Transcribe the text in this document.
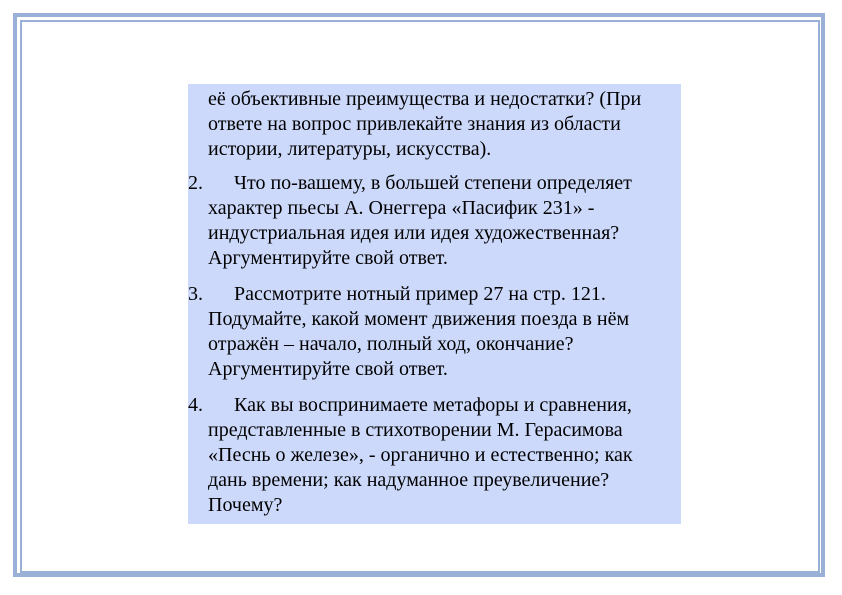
её объективные преимущества и недостатки? (При ответе на вопрос привлекайте знания из области истории, литературы, искусства).

2.	Что по-вашему, в большей степени определяет характер пьесы А. Онеггера «Пасифик 231» - индустриальная идея или идея художественная? Аргументируйте свой ответ.

3.	Рассмотрите нотный пример 27 на стр. 121. Подумайте, какой момент движения поезда в нём отражён – начало, полный ход, окончание? Аргументируйте свой ответ.

4.	Как вы воспринимаете метафоры и сравнения, представленные в стихотворении М. Герасимова «Песнь о железе», - органично и естественно; как дань времени; как надуманное преувеличение? Почему?
